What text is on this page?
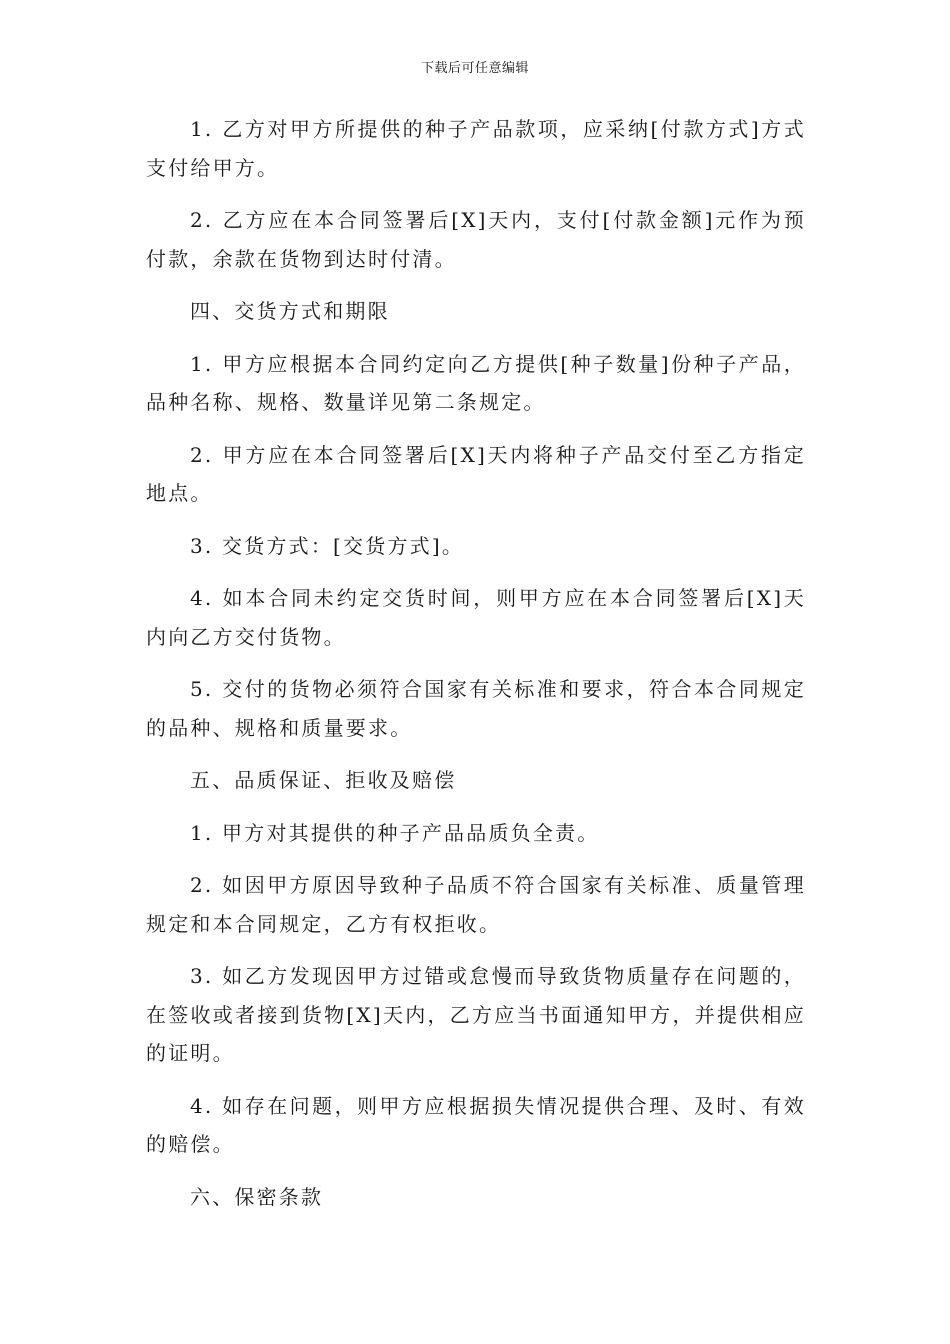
下载后可任意编辑

1. 乙方对甲方所提供的种子产品款项，应采纳[付款方式]方式支付给甲方。

2. 乙方应在本合同签署后[X]天内，支付[付款金额]元作为预付款，余款在货物到达时付清。

四、交货方式和期限

1. 甲方应根据本合同约定向乙方提供[种子数量]份种子产品，品种名称、规格、数量详见第二条规定。

2. 甲方应在本合同签署后[X]天内将种子产品交付至乙方指定地点。

3. 交货方式：[交货方式]。

4. 如本合同未约定交货时间，则甲方应在本合同签署后[X]天内向乙方交付货物。

5. 交付的货物必须符合国家有关标准和要求，符合本合同规定的品种、规格和质量要求。

五、品质保证、拒收及赔偿

1. 甲方对其提供的种子产品品质负全责。

2. 如因甲方原因导致种子品质不符合国家有关标准、质量管理规定和本合同规定，乙方有权拒收。

3. 如乙方发现因甲方过错或怠慢而导致货物质量存在问题的，在签收或者接到货物[X]天内，乙方应当书面通知甲方，并提供相应的证明。

4. 如存在问题，则甲方应根据损失情况提供合理、及时、有效的赔偿。

六、保密条款
